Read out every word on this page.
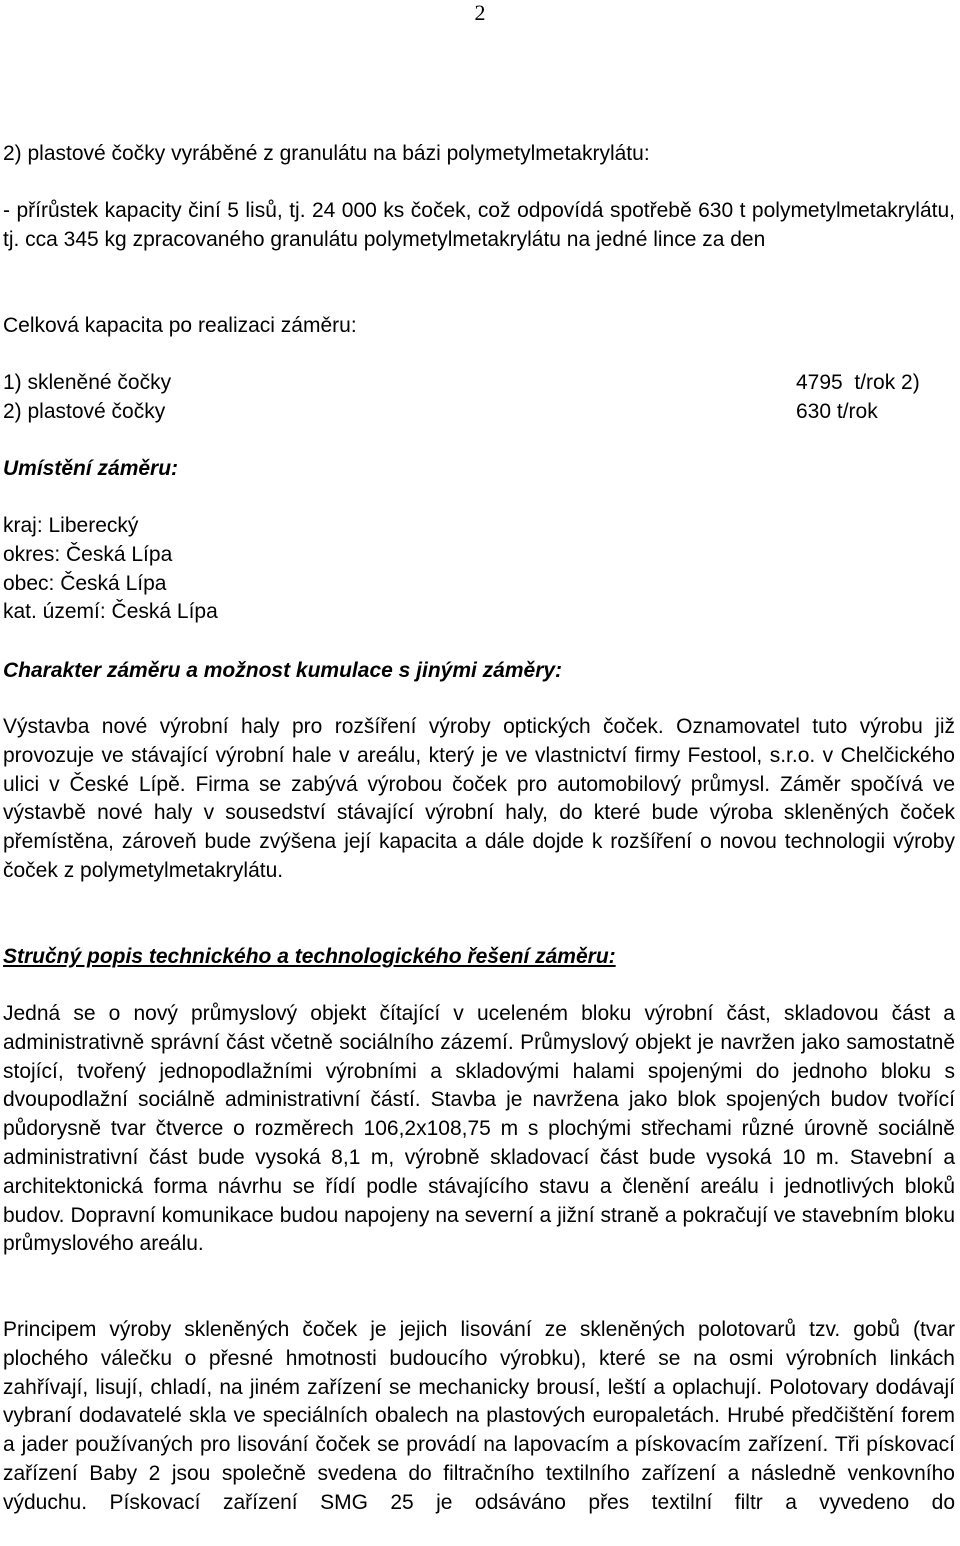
2

2) plastové čočky vyráběné z granulátu na bázi polymetylmetakrylátu:

- přírůstek kapacity činí 5 lisů, tj. 24 000 ks čoček, což odpovídá spotřebě 630 t polymetylmetakrylátu, tj. cca 345 kg zpracovaného granulátu polymetylmetakrylátu na jedné lince za den

Celková kapacita po realizaci záměru:

1) skleněné čočky	4795  t/rok 2)
2) plastové čočky	630 t/rok

Umístění záměru:

kraj: Liberecký
okres: Česká Lípa
obec: Česká Lípa
kat. území: Česká Lípa

Charakter záměru a možnost kumulace s jinými záměry:

Výstavba nové výrobní haly pro rozšíření výroby optických čoček. Oznamovatel tuto výrobu již provozuje ve stávající výrobní hale v areálu, který je ve vlastnictví firmy Festool, s.r.o. v Chelčického ulici v České Lípě. Firma se zabývá výrobou čoček pro automobilový průmysl. Záměr spočívá ve výstavbě nové haly v sousedství stávající výrobní haly, do které bude výroba skleněných čoček přemístěna, zároveň bude zvýšena její kapacita a dále dojde k rozšíření o novou technologii výroby čoček z polymetylmetakrylátu.

Stručný popis technického a technologického řešení záměru:

Jedná se o nový průmyslový objekt čítající v uceleném bloku výrobní část, skladovou část a administrativně správní část včetně sociálního zázemí. Průmyslový objekt je navržen jako samostatně stojící, tvořený jednopodlažními výrobními a skladovými halami spojenými do jednoho bloku s dvoupodlažní sociálně administrativní částí. Stavba je navržena jako blok spojených budov tvořící půdorysně tvar čtverce o rozměrech 106,2x108,75 m s plochými střechami různé úrovně sociálně administrativní část bude vysoká 8,1 m, výrobně skladovací část bude vysoká 10 m. Stavební a architektonická forma návrhu se řídí podle stávajícího stavu a členění areálu i jednotlivých bloků budov. Dopravní komunikace budou napojeny na severní a jižní straně a pokračují ve stavebním bloku průmyslového areálu.

Principem výroby skleněných čoček je jejich lisování ze skleněných polotovarů tzv. gobů (tvar plochého válečku o přesné hmotnosti budoucího výrobku), které se na osmi výrobních linkách zahřívají, lisují, chladí, na jiném zařízení se mechanicky brousí, leští a oplachují. Polotovary dodávají vybraní dodavatelé skla ve speciálních obalech na plastových europaletách. Hrubé předčištění forem a jader používaných pro lisování čoček se provádí na lapovacím a pískovacím zařízení. Tři pískovací zařízení Baby 2 jsou společně svedena do filtračního textilního zařízení a následně venkovního výduchu. Pískovací zařízení SMG 25 je odsáváno přes textilní filtr a vyvedeno do
